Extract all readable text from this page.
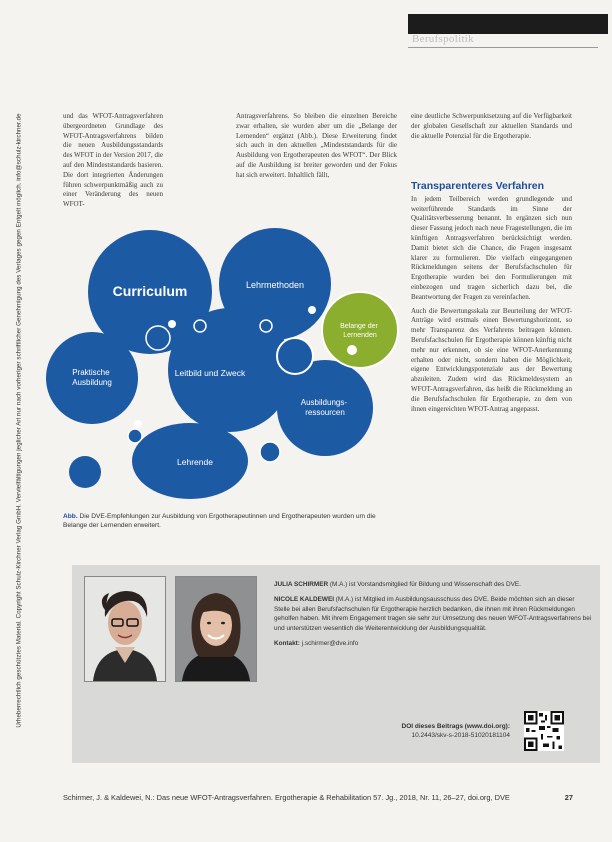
Urheberrechtlich geschütztes Material. Copyright Schulz-Kirchner Verlag GmbH. Vervielfältigungen jeglicher Art nur nach vorheriger schriftlicher Genehmigung des Verlages gegen Entgelt möglich. info@schulz-kirchner.de
Berufspolitik

und das WFOT-Antragsverfahren übergeordneten Grundlage des WFOT-Antragsverfahrens bilden die neuen Ausbildungsstandards des WFOT in der Version 2017, die auf den Mindeststandards basieren. Die dort integrierten Änderungen führen schwerpunktmäßig auch zu einer Veränderung des neuen WFOT-

Antragsverfahrens. So bleiben die einzelnen Bereiche zwar erhalten, sie wurden aber um die „Belange der Lernenden“ ergänzt (Abb.). Diese Erweiterung findet sich auch in den aktuellen „Mindeststandards für die Ausbildung von Ergotherapeuten des WFOT“. Der Blick auf die Ausbildung ist breiter geworden und der Fokus hat sich erweitert. Inhaltlich fällt,

eine deutliche Schwerpunktsetzung auf die Verfügbarkeit der globalen Gesellschaft zur aktuellen Standards und die aktuelle Potenzial für die Ergotherapie.

Transparenteres Verfahren

In jedem Teilbereich werden grundlegende und weiterführende Standards im Sinne der Qualitätsverbesserung benannt. In ergänzen sich nun dieser Fassung jedoch nach neue Fragestellungen, die im künftigen Antragsverfahren berücksichtigt werden. Damit bietet sich die Chance, die Fragen insgesamt klarer zu formulieren. Die vielfach eingegangenen Rückmeldungen seitens der Berufsfachschulen für Ergotherapie wurden bei den Formulierungen mit einbezogen und tragen sicherlich dazu bei, die Beantwortung der Fragen zu vereinfachen.

Auch die Bewertungsskala zur Beurteilung der WFOT-Anträge wird erstmals einen Bewertungshorizont, so mehr Transparenz des Verfahrens beitragen können. Berufsfachschulen für Ergotherapie können künftig nicht mehr nur erkennen, ob sie eine WFOT-Anerkennung erhalten oder nicht, sondern haben die Möglichkeit, eigene Entwicklungspotenziale aus der Bewertung abzuleiten. Zudem wird das Rückmeldesystem an WFOT-Antragsverfahren, das heißt die Rückmeldung an die Berufsfachschulen für Ergotherapie, zu dem von ihnen eingereichten WFOT-Antrag angepasst.

Curriculum	Lehrmethoden
Belange der Lernenden
Praktische Ausbildung
Leitbild und Zweck
Ausbildungs- ressourcen
Lehrende
Abb. Die DVE-Empfehlungen zur Ausbildung von Ergotherapeutinnen und Ergotherapeuten wurden um die Belange der Lernenden erweitert.

JULIA SCHIRMER (M.A.) ist Vorstandsmitglied für Bildung und Wissenschaft des DVE.

NICOLE KALDEWEI (M.A.) ist Mitglied im Ausbildungsausschuss des DVE. Beide möchten sich an dieser Stelle bei allen Berufsfachschulen für Ergotherapie herzlich bedanken, die ihnen mit ihren Rückmeldungen geholfen haben. Mit ihrem Engagement tragen sie sehr zur Umsetzung des neuen WFOT-Antragsverfahrens bei und unterstützen wesentlich die Weiterentwicklung der Ausbildungsqualität.

Kontakt: j.schirmer@dve.info

DOI dieses Beitrags (www.doi.org):
10.2443/skv-s-2018-51020181104
Schirmer, J. & Kaldewei, N.: Das neue WFOT-Antragsverfahren. Ergotherapie & Rehabilitation 57. Jg., 2018, Nr. 11, 26–27, doi.org, DVE	27
